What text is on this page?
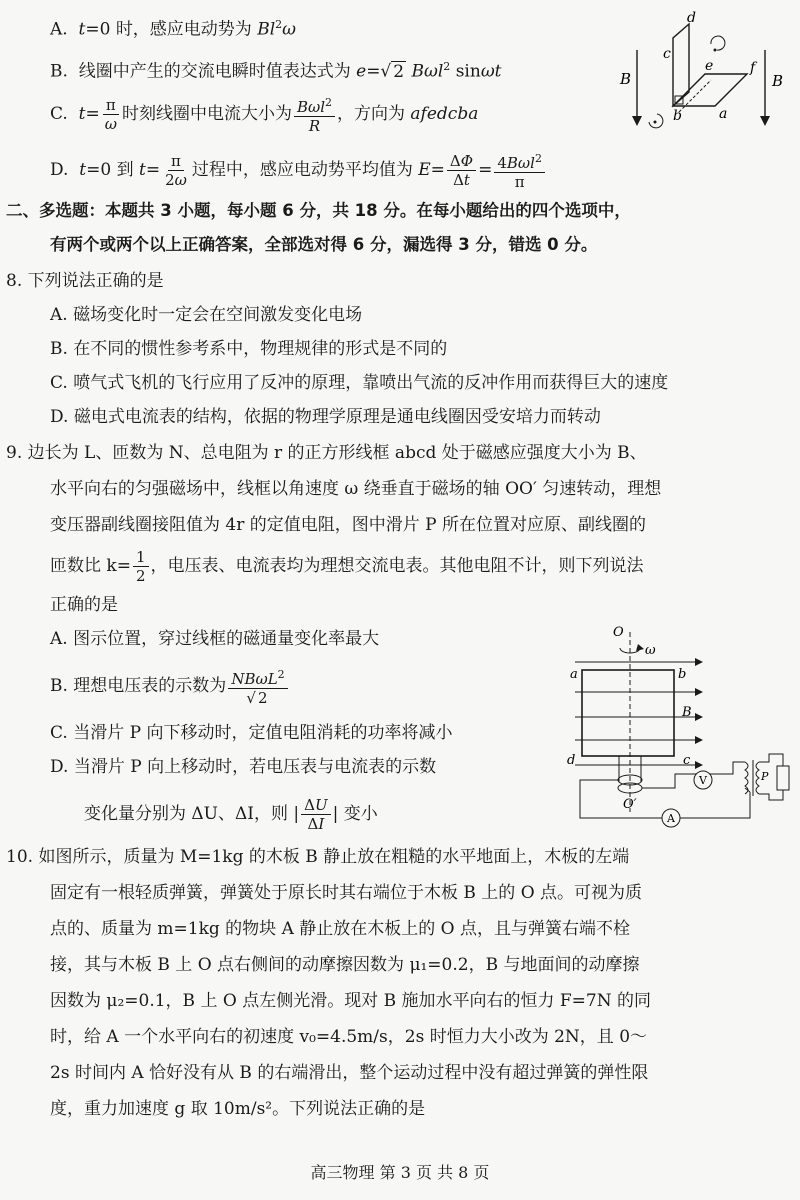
A. t=0 时，感应电动势为 Bl$^2$ω
B. 线圈中产生的交流电瞬时值表达式为 e=√ 2 Bωl$^2$ sinωt
C. $t= \frac{\pi}{\omega}$ 时刻线圈中电流大小为 $\frac{B\omega l^2}{R}$ ，方向为 afedcba
D. t=0 到 $t= \frac{\pi}{2\omega}$ 过程中，感应电动势平均值为 $E= \frac{\Delta\Phi}{\Delta t} = \frac{4B\omega l^2}{\pi}$
B	B
c
d
e	f
a
b
二、多选题：本题共 3 小题，每小题 6 分，共 18 分。在每小题给出的四个选项中，
有两个或两个以上正确答案，全部选对得 6 分，漏选得 3 分，错选 0 分。
8. 下列说法正确的是
A. 磁场变化时一定会在空间激发变化电场
B. 在不同的惯性参考系中，物理规律的形式是不同的
C. 喷气式飞机的飞行应用了反冲的原理，靠喷出气流的反冲作用而获得巨大的速度
D. 磁电式电流表的结构，依据的物理学原理是通电线圈因受安培力而转动
9. 边长为 L、匝数为 N、总电阻为 r 的正方形线框 abcd 处于磁感应强度大小为 B、
水平向右的匀强磁场中，线框以角速度 ω 绕垂直于磁场的轴 OO′ 匀速转动，理想
变压器副线圈接阻值为 4r 的定值电阻，图中滑片 P 所在位置对应原、副线圈的
匝数比 $k= \frac{1}{2}$ ，电压表、电流表均为理想交流电表。其他电阻不计，则下列说法
正确的是
A. 图示位置，穿过线框的磁通量变化率最大
B. 理想电压表的示数为 $\frac{NB\omega L^2}{√ 2}$
C. 当滑片 P 向下移动时，定值电阻消耗的功率将减小
D. 当滑片 P 向上移动时，若电压表与电流表的示数
变化量分别为 ΔU、ΔI，则 | $\frac{\Delta U}{\Delta I}$ | 变小
O
ω
a	b
B
d	c
O′
V
A
P
10. 如图所示，质量为 M=1kg 的木板 B 静止放在粗糙的水平地面上，木板的左端
固定有一根轻质弹簧，弹簧处于原长时其右端位于木板 B 上的 O 点。可视为质
点的、质量为 m=1kg 的物块 A 静止放在木板上的 O 点，且与弹簧右端不栓
接，其与木板 B 上 O 点右侧间的动摩擦因数为 μ₁=0.2，B 与地面间的动摩擦
因数为 μ₂=0.1，B 上 O 点左侧光滑。现对 B 施加水平向右的恒力 F=7N 的同
时，给 A 一个水平向右的初速度 v₀=4.5m/s，2s 时恒力大小改为 2N，且 0～
2s 时间内 A 恰好没有从 B 的右端滑出，整个运动过程中没有超过弹簧的弹性限
度，重力加速度 g 取 10m/s²。下列说法正确的是
高三物理 第 3 页 共 8 页
